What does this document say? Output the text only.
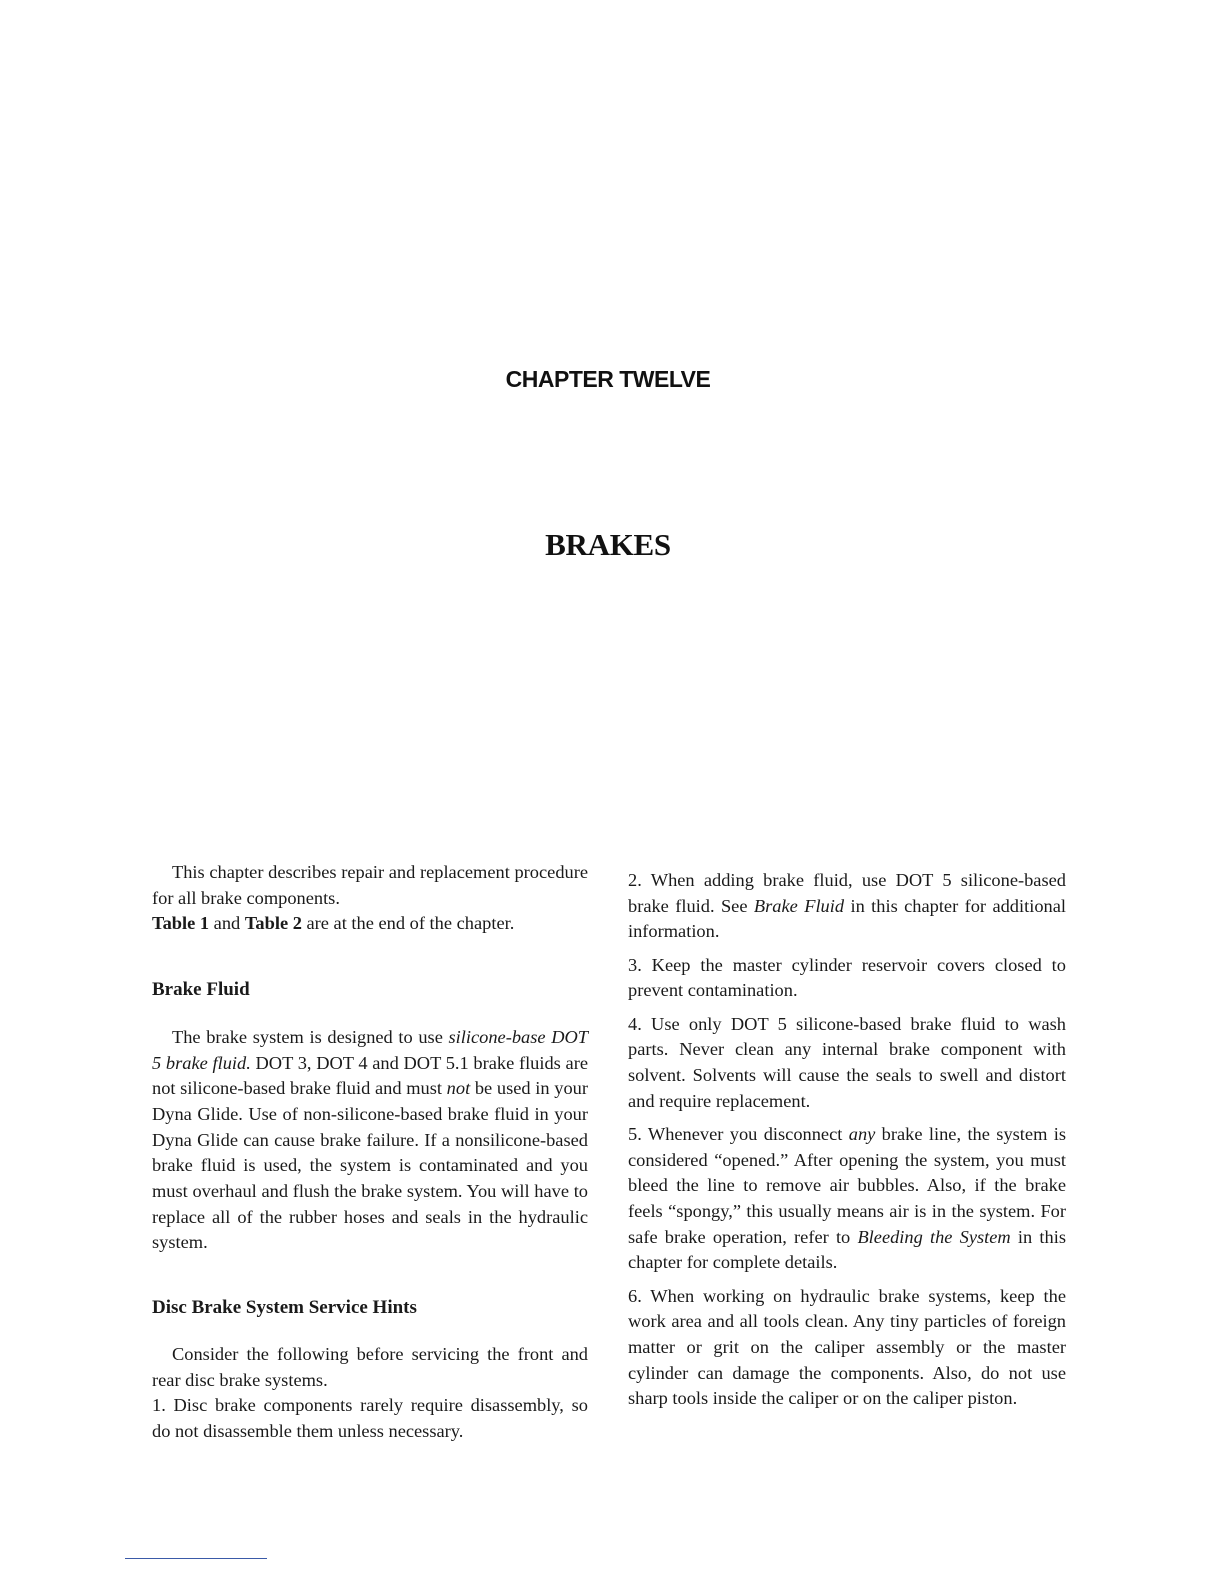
CHAPTER TWELVE
BRAKES

This chapter describes repair and replacement procedure for all brake components.

Table 1 and Table 2 are at the end of the chapter.

Brake Fluid

The brake system is designed to use silicone-base DOT 5 brake fluid. DOT 3, DOT 4 and DOT 5.1 brake fluids are not silicone-based brake fluid and must not be used in your Dyna Glide. Use of non-silicone-based brake fluid in your Dyna Glide can cause brake failure. If a nonsilicone-based brake fluid is used, the system is contaminated and you must overhaul and flush the brake system. You will have to replace all of the rubber hoses and seals in the hydraulic system.

Disc Brake System Service Hints

Consider the following before servicing the front and rear disc brake systems.

1. Disc brake components rarely require disassembly, so do not disassemble them unless necessary.

2. When adding brake fluid, use DOT 5 silicone-based brake fluid. See Brake Fluid in this chapter for additional information.

3. Keep the master cylinder reservoir covers closed to prevent contamination.

4. Use only DOT 5 silicone-based brake fluid to wash parts. Never clean any internal brake component with solvent. Solvents will cause the seals to swell and distort and require replacement.

5. Whenever you disconnect any brake line, the system is considered “opened.” After opening the system, you must bleed the line to remove air bubbles. Also, if the brake feels “spongy,” this usually means air is in the system. For safe brake operation, refer to Bleeding the System in this chapter for complete details.

6. When working on hydraulic brake systems, keep the work area and all tools clean. Any tiny particles of foreign matter or grit on the caliper assembly or the master cylinder can damage the components. Also, do not use sharp tools inside the caliper or on the caliper piston.
